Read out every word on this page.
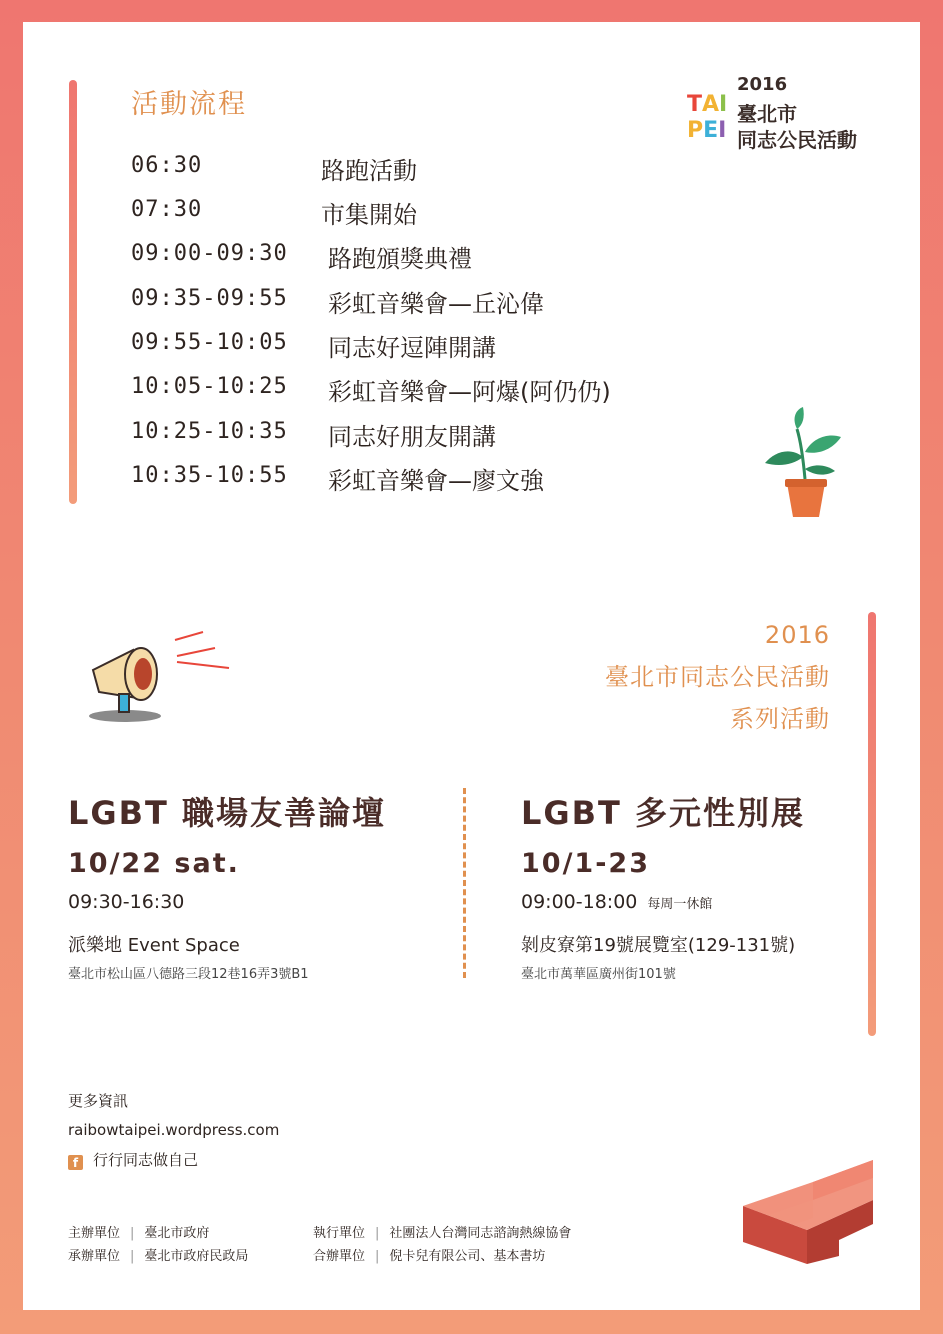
活動流程
06:30	路跑活動
07:30	市集開始
09:00-09:30 路跑頒獎典禮
09:35-09:55 彩虹音樂會—丘沁偉
09:55-10:05 同志好逗陣開講
10:05-10:25 彩虹音樂會—阿爆(阿仍仍)
10:25-10:35 同志好朋友開講
10:35-10:55 彩虹音樂會—廖文強
TAI
PEI
2016
臺北市
同志公民活動
2016
臺北市同志公民活動
系列活動
LGBT 職場友善論壇
10/22 sat.
09:30-16:30
派樂地 Event Space
臺北市松山區八德路三段12巷16弄3號B1
LGBT 多元性別展
10/1-23
09:00-18:00 每周一休館
剝皮寮第19號展覽室(129-131號)
臺北市萬華區廣州街101號
更多資訊
raibowtaipei.wordpress.com
f 行行同志做自己
主辦單位 | 臺北市政府
承辦單位 | 臺北市政府民政局
執行單位 | 社團法人台灣同志諮詢熱線協會
合辦單位 | 倪卡兒有限公司、基本書坊
